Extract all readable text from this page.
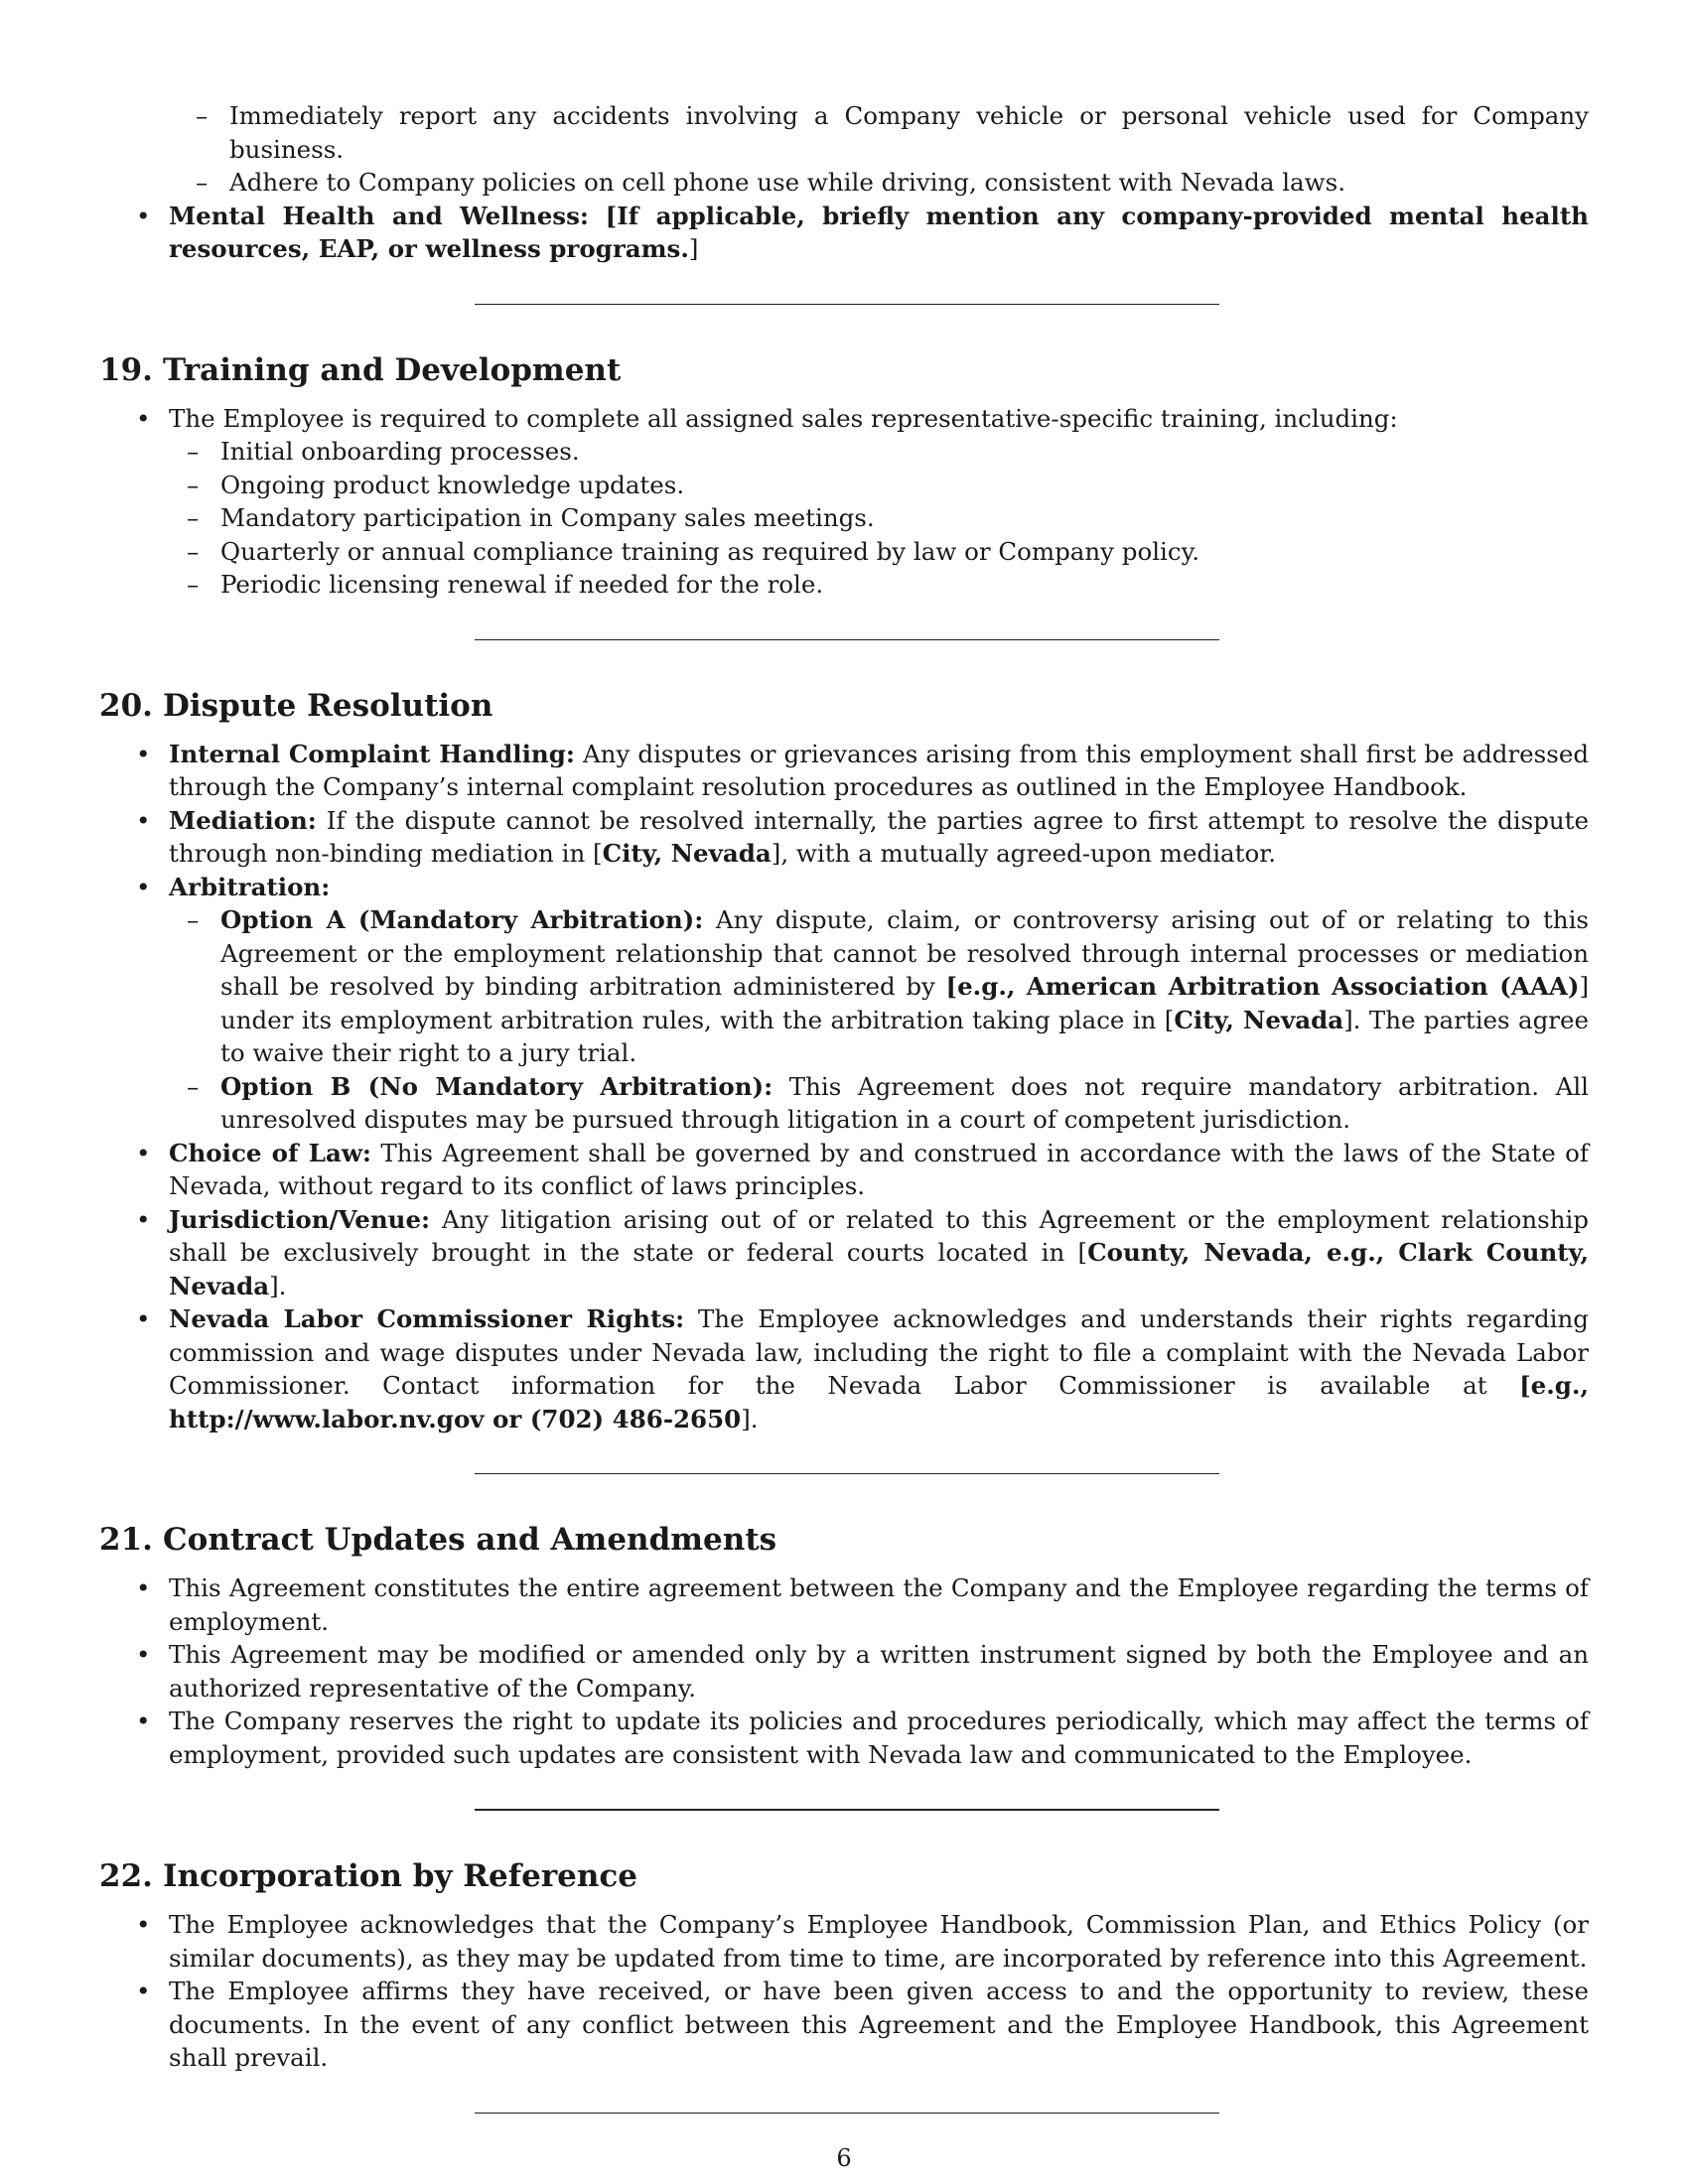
– Immediately report any accidents involving a Company vehicle or personal vehicle used for Company business.
– Adhere to Company policies on cell phone use while driving, consistent with Nevada laws.
• Mental Health and Wellness: [If applicable, briefly mention any company-provided mental health resources, EAP, or wellness programs.]
19. Training and Development
• The Employee is required to complete all assigned sales representative-specific training, including:
– Initial onboarding processes.
– Ongoing product knowledge updates.
– Mandatory participation in Company sales meetings.
– Quarterly or annual compliance training as required by law or Company policy.
– Periodic licensing renewal if needed for the role.
20. Dispute Resolution
• Internal Complaint Handling: Any disputes or grievances arising from this employment shall first be addressed through the Company’s internal complaint resolution procedures as outlined in the Employee Handbook.
• Mediation: If the dispute cannot be resolved internally, the parties agree to first attempt to resolve the dispute through non-binding mediation in [City, Nevada], with a mutually agreed-upon mediator.
• Arbitration:
– Option A (Mandatory Arbitration): Any dispute, claim, or controversy arising out of or relating to this Agreement or the employment relationship that cannot be resolved through internal processes or mediation shall be resolved by binding arbitration administered by [e.g., American Arbitration Association (AAA)] under its employment arbitration rules, with the arbitration taking place in [City, Nevada]. The parties agree to waive their right to a jury trial.
– Option B (No Mandatory Arbitration): This Agreement does not require mandatory arbitration. All unresolved disputes may be pursued through litigation in a court of competent jurisdiction.
• Choice of Law: This Agreement shall be governed by and construed in accordance with the laws of the State of Nevada, without regard to its conflict of laws principles.
• Jurisdiction/Venue: Any litigation arising out of or related to this Agreement or the employment relationship shall be exclusively brought in the state or federal courts located in [County, Nevada, e.g., Clark County, Nevada].
• Nevada Labor Commissioner Rights: The Employee acknowledges and understands their rights regarding commission and wage disputes under Nevada law, including the right to file a complaint with the Nevada Labor Commissioner. Contact information for the Nevada Labor Commissioner is available at [e.g., http://www.labor.nv.gov or (702) 486-2650].
21. Contract Updates and Amendments
• This Agreement constitutes the entire agreement between the Company and the Employee regarding the terms of employment.
• This Agreement may be modified or amended only by a written instrument signed by both the Employee and an authorized representative of the Company.
• The Company reserves the right to update its policies and procedures periodically, which may affect the terms of employment, provided such updates are consistent with Nevada law and communicated to the Employee.
22. Incorporation by Reference
• The Employee acknowledges that the Company’s Employee Handbook, Commission Plan, and Ethics Policy (or similar documents), as they may be updated from time to time, are incorporated by reference into this Agreement.
• The Employee affirms they have received, or have been given access to and the opportunity to review, these documents. In the event of any conflict between this Agreement and the Employee Handbook, this Agreement shall prevail.
6
